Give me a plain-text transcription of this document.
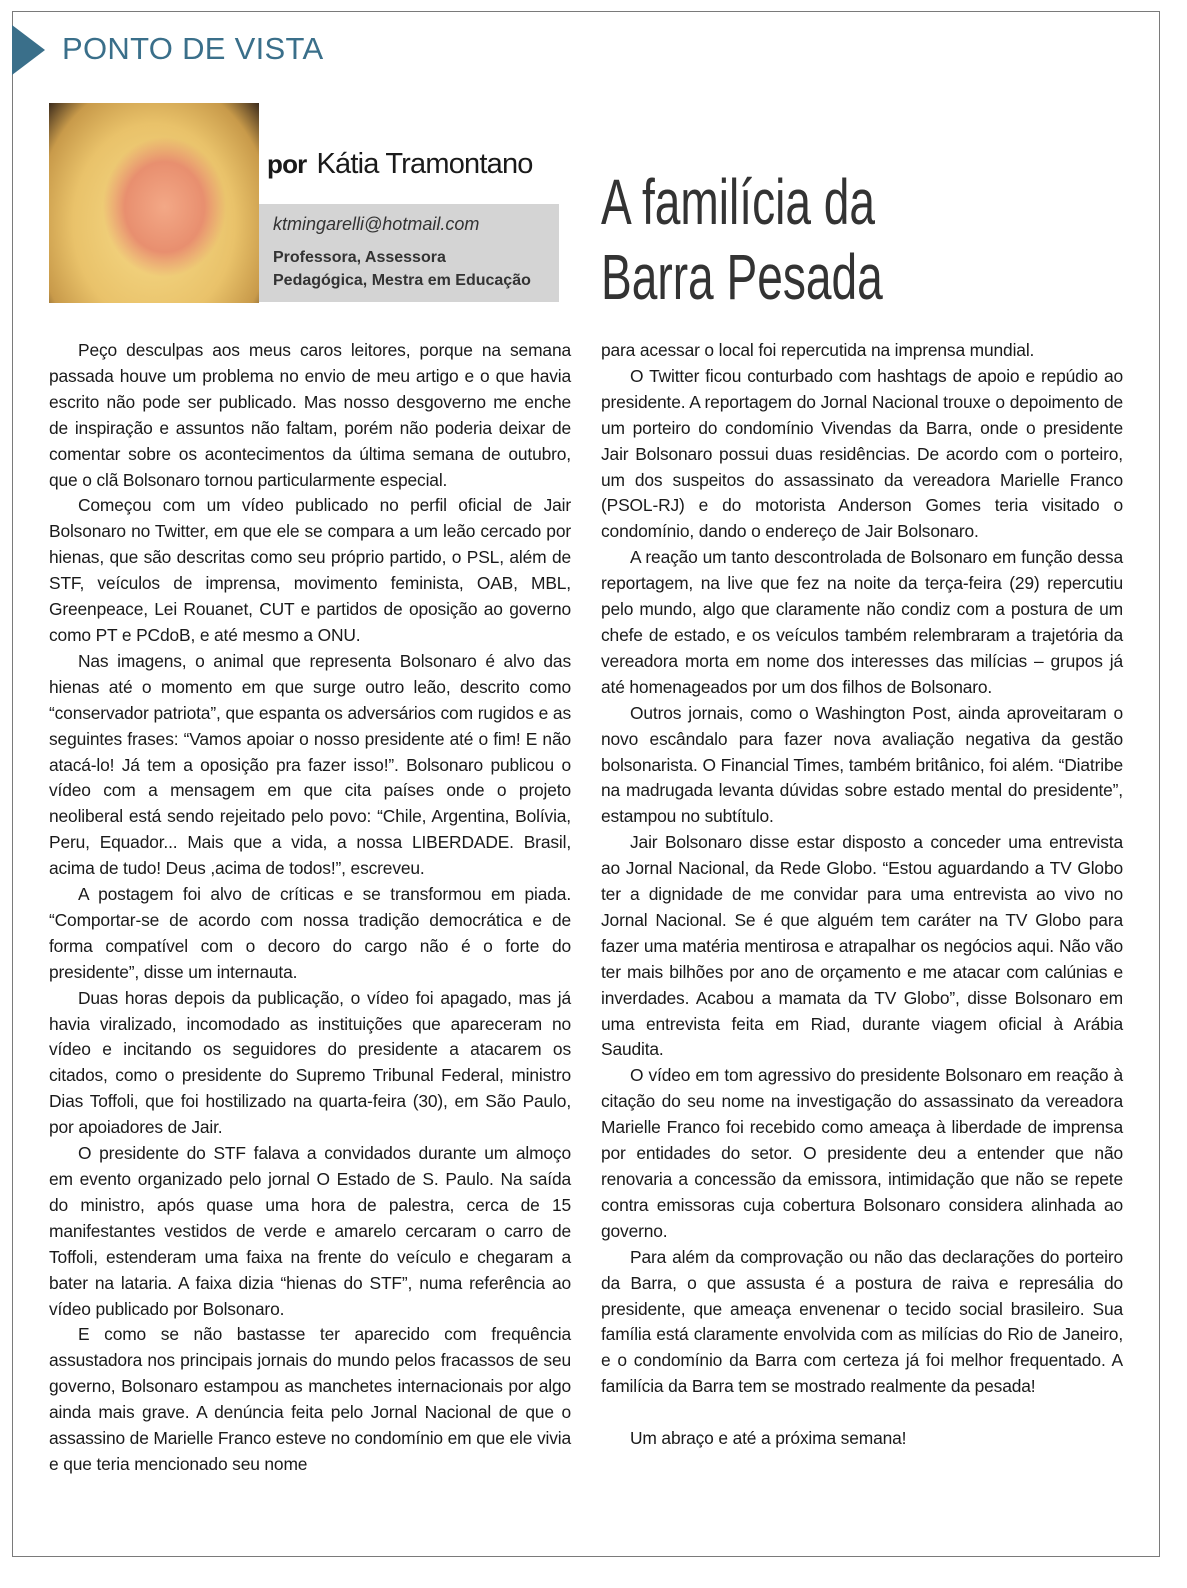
PONTO DE VISTA
por Kátia Tramontano
ktmingarelli@hotmail.com
Professora, Assessora
Pedagógica, Mestra em Educação
A familícia da
Barra Pesada

Peço desculpas aos meus caros leitores, porque na semana passada houve um problema no envio de meu artigo e o que havia escrito não pode ser publicado. Mas nosso desgoverno me enche de inspiração e assuntos não faltam, porém não poderia deixar de comentar sobre os acontecimentos da última semana de outubro, que o clã Bolsonaro tornou particularmente especial.

Começou com um vídeo publicado no perfil oficial de Jair Bolsonaro no Twitter, em que ele se compara a um leão cercado por hienas, que são descritas como seu próprio partido, o PSL, além de STF, veículos de imprensa, movimento feminista, OAB, MBL, Greenpeace, Lei Rouanet, CUT e partidos de oposição ao governo como PT e PCdoB, e até mesmo a ONU.

Nas imagens, o animal que representa Bolsonaro é alvo das hienas até o momento em que surge outro leão, descrito como “conservador patriota”, que espanta os adversários com rugidos e as seguintes frases: “Vamos apoiar o nosso presidente até o fim! E não atacá-lo! Já tem a oposição pra fazer isso!”. Bolsonaro publicou o vídeo com a mensagem em que cita países onde o projeto neoliberal está sendo rejeitado pelo povo: “Chile, Argentina, Bolívia, Peru, Equador... Mais que a vida, a nossa LIBERDADE. Brasil, acima de tudo! Deus ,acima de todos!”, escreveu.

A postagem foi alvo de críticas e se transformou em piada. “Comportar-se de acordo com nossa tradição democrática e de forma compatível com o decoro do cargo não é o forte do presidente”, disse um internauta.

Duas horas depois da publicação, o vídeo foi apagado, mas já havia viralizado, incomodado as instituições que apareceram no vídeo e incitando os seguidores do presidente a atacarem os citados, como o presidente do Supremo Tribunal Federal, ministro Dias Toffoli, que foi hostilizado na quarta-feira (30), em São Paulo, por apoiadores de Jair.

O presidente do STF falava a convidados durante um almoço em evento organizado pelo jornal O Estado de S. Paulo. Na saída do ministro, após quase uma hora de palestra, cerca de 15 manifestantes vestidos de verde e amarelo cercaram o carro de Toffoli, estenderam uma faixa na frente do veículo e chegaram a bater na lataria. A faixa dizia “hienas do STF”, numa referência ao vídeo publicado por Bolsonaro.

E como se não bastasse ter aparecido com frequência assustadora nos principais jornais do mundo pelos fracassos de seu governo, Bolsonaro estampou as manchetes internacionais por algo ainda mais grave. A denúncia feita pelo Jornal Nacional de que o assassino de Marielle Franco esteve no condomínio em que ele vivia e que teria mencionado seu nome

para acessar o local foi repercutida na imprensa mundial.

O Twitter ficou conturbado com hashtags de apoio e repúdio ao presidente. A reportagem do Jornal Nacional trouxe o depoimento de um porteiro do condomínio Vivendas da Barra, onde o presidente Jair Bolsonaro possui duas residências. De acordo com o porteiro, um dos suspeitos do assassinato da vereadora Marielle Franco (PSOL-RJ) e do motorista Anderson Gomes teria visitado o condomínio, dando o endereço de Jair Bolsonaro.

A reação um tanto descontrolada de Bolsonaro em função dessa reportagem, na live que fez na noite da terça-feira (29) repercutiu pelo mundo, algo que claramente não condiz com a postura de um chefe de estado, e os veículos também relembraram a trajetória da vereadora morta em nome dos interesses das milícias – grupos já até homenageados por um dos filhos de Bolsonaro.

Outros jornais, como o Washington Post, ainda aproveitaram o novo escândalo para fazer nova avaliação negativa da gestão bolsonarista. O Financial Times, também britânico, foi além. “Diatribe na madrugada levanta dúvidas sobre estado mental do presidente”, estampou no subtítulo.

Jair Bolsonaro disse estar disposto a conceder uma entrevista ao Jornal Nacional, da Rede Globo. “Estou aguardando a TV Globo ter a dignidade de me convidar para uma entrevista ao vivo no Jornal Nacional. Se é que alguém tem caráter na TV Globo para fazer uma matéria mentirosa e atrapalhar os negócios aqui. Não vão ter mais bilhões por ano de orçamento e me atacar com calúnias e inverdades. Acabou a mamata da TV Globo”, disse Bolsonaro em uma entrevista feita em Riad, durante viagem oficial à Arábia Saudita.

O vídeo em tom agressivo do presidente Bolsonaro em reação à citação do seu nome na investigação do assassinato da vereadora Marielle Franco foi recebido como ameaça à liberdade de imprensa por entidades do setor. O presidente deu a entender que não renovaria a concessão da emissora, intimidação que não se repete contra emissoras cuja cobertura Bolsonaro considera alinhada ao governo.

Para além da comprovação ou não das declarações do porteiro da Barra, o que assusta é a postura de raiva e represália do presidente, que ameaça envenenar o tecido social brasileiro. Sua família está claramente envolvida com as milícias do Rio de Janeiro, e o condomínio da Barra com certeza já foi melhor frequentado. A familícia da Barra tem se mostrado realmente da pesada!

Um abraço e até a próxima semana!
